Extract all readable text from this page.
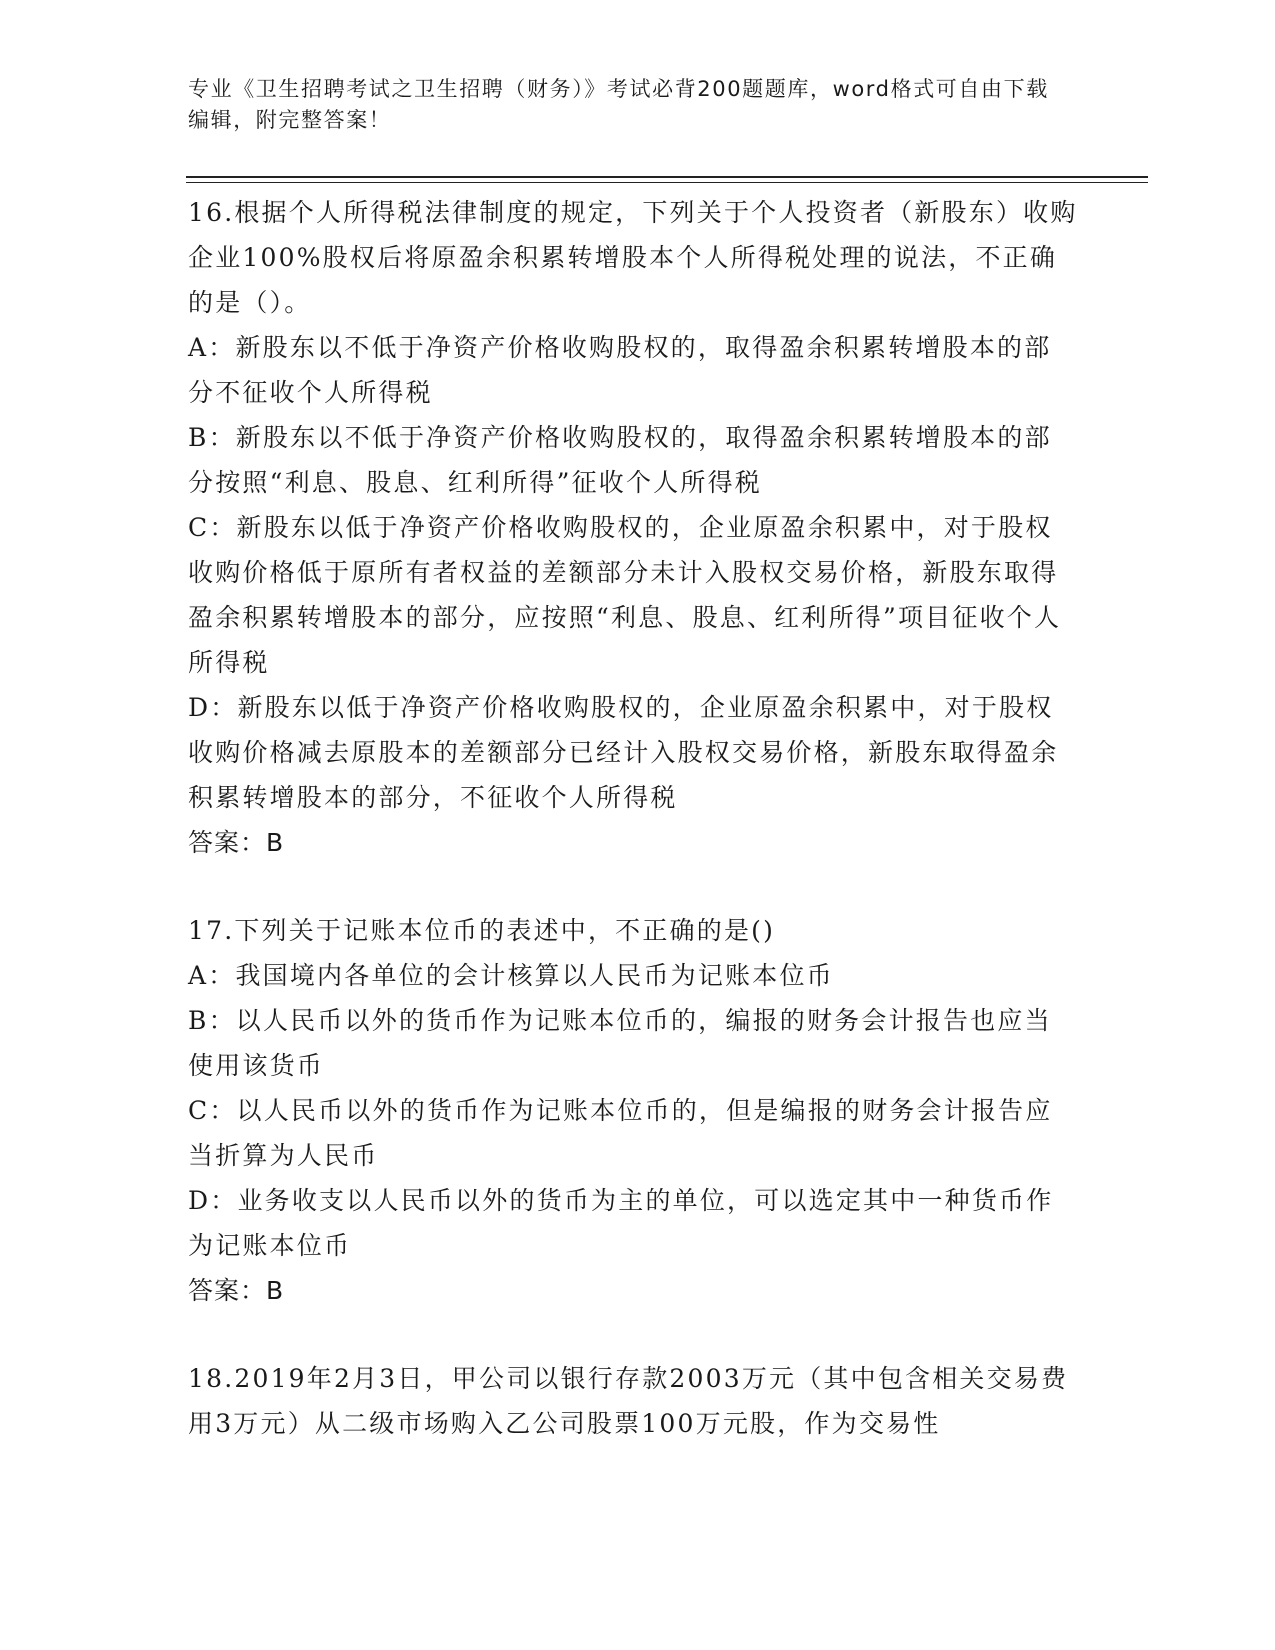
专业《卫生招聘考试之卫生招聘（财务）》考试必背200题题库，word格式可自由下载编辑，附完整答案！

16.根据个人所得税法律制度的规定，下列关于个人投资者（新股东）收购企业100%股权后将原盈余积累转增股本个人所得税处理的说法，不正确的是（）。

A：新股东以不低于净资产价格收购股权的，取得盈余积累转增股本的部分不征收个人所得税

B：新股东以不低于净资产价格收购股权的，取得盈余积累转增股本的部分按照“利息、股息、红利所得”征收个人所得税

C：新股东以低于净资产价格收购股权的，企业原盈余积累中，对于股权收购价格低于原所有者权益的差额部分未计入股权交易价格，新股东取得盈余积累转增股本的部分，应按照“利息、股息、红利所得”项目征收个人所得税

D：新股东以低于净资产价格收购股权的，企业原盈余积累中，对于股权收购价格减去原股本的差额部分已经计入股权交易价格，新股东取得盈余积累转增股本的部分，不征收个人所得税

答案：B

17.下列关于记账本位币的表述中，不正确的是()

A：我国境内各单位的会计核算以人民币为记账本位币

B：以人民币以外的货币作为记账本位币的，编报的财务会计报告也应当使用该货币

C：以人民币以外的货币作为记账本位币的，但是编报的财务会计报告应当折算为人民币

D：业务收支以人民币以外的货币为主的单位，可以选定其中一种货币作为记账本位币

答案：B

18.2019年2月3日，甲公司以银行存款2003万元（其中包含相关交易费用3万元）从二级市场购入乙公司股票100万元股，作为交易性
